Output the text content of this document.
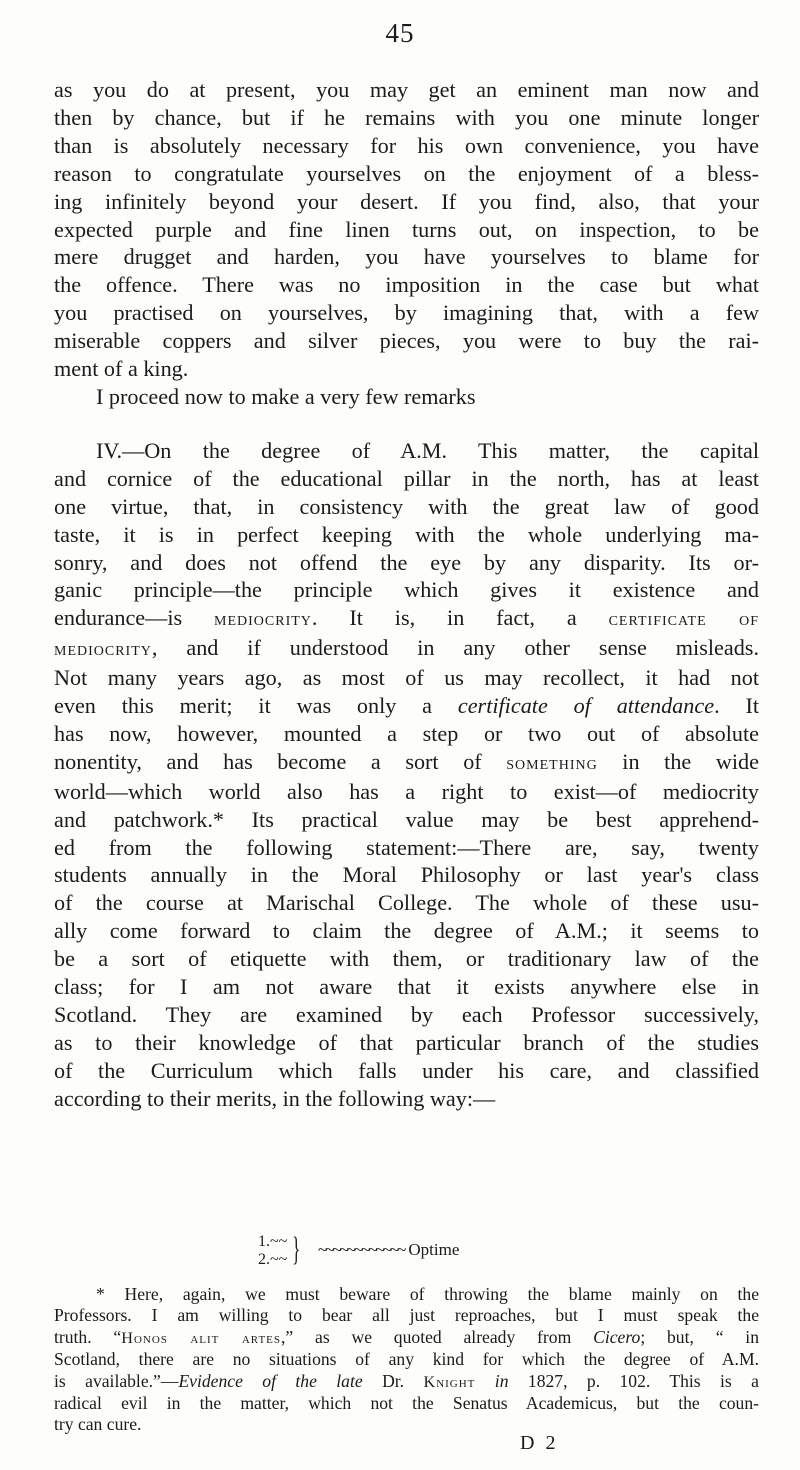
45
as you do at present, you may get an eminent man now and
then by chance, but if he remains with you one minute longer
than is absolutely necessary for his own convenience, you have
reason to congratulate yourselves on the enjoyment of a bless-
ing infinitely beyond your desert. If you find, also, that your
expected purple and fine linen turns out, on inspection, to be
mere drugget and harden, you have yourselves to blame for
the offence. There was no imposition in the case but what
you practised on yourselves, by imagining that, with a few
miserable coppers and silver pieces, you were to buy the rai-
ment of a king.
I proceed now to make a very few remarks
IV.—On the degree of A.M. This matter, the capital
and cornice of the educational pillar in the north, has at least
one virtue, that, in consistency with the great law of good
taste, it is in perfect keeping with the whole underlying ma-
sonry, and does not offend the eye by any disparity. Its or-
ganic principle—the principle which gives it existence and
endurance—is mediocrity. It is, in fact, a certificate of
mediocrity, and if understood in any other sense misleads.
Not many years ago, as most of us may recollect, it had not
even this merit; it was only a certificate of attendance. It
has now, however, mounted a step or two out of absolute
nonentity, and has become a sort of something in the wide
world—which world also has a right to exist—of mediocrity
and patchwork.* Its practical value may be best apprehend-
ed from the following statement:—There are, say, twenty
students annually in the Moral Philosophy or last year's class
of the course at Marischal College. The whole of these usu-
ally come forward to claim the degree of A.M.; it seems to
be a sort of etiquette with them, or traditionary law of the
class; for I am not aware that it exists anywhere else in
Scotland. They are examined by each Professor successively,
as to their knowledge of that particular branch of the studies
of the Curriculum which falls under his care, and classified
according to their merits, in the following way:—
1.~~
2.~~ } ~~~~~~~~~~~~ Optime
* Here, again, we must beware of throwing the blame mainly on the
Professors. I am willing to bear all just reproaches, but I must speak the
truth. “Honos alit artes,” as we quoted already from Cicero; but, “ in
Scotland, there are no situations of any kind for which the degree of A.M.
is available.”—Evidence of the late Dr. Knight in 1827, p. 102. This is a
radical evil in the matter, which not the Senatus Academicus, but the coun-
try can cure.
D 2
